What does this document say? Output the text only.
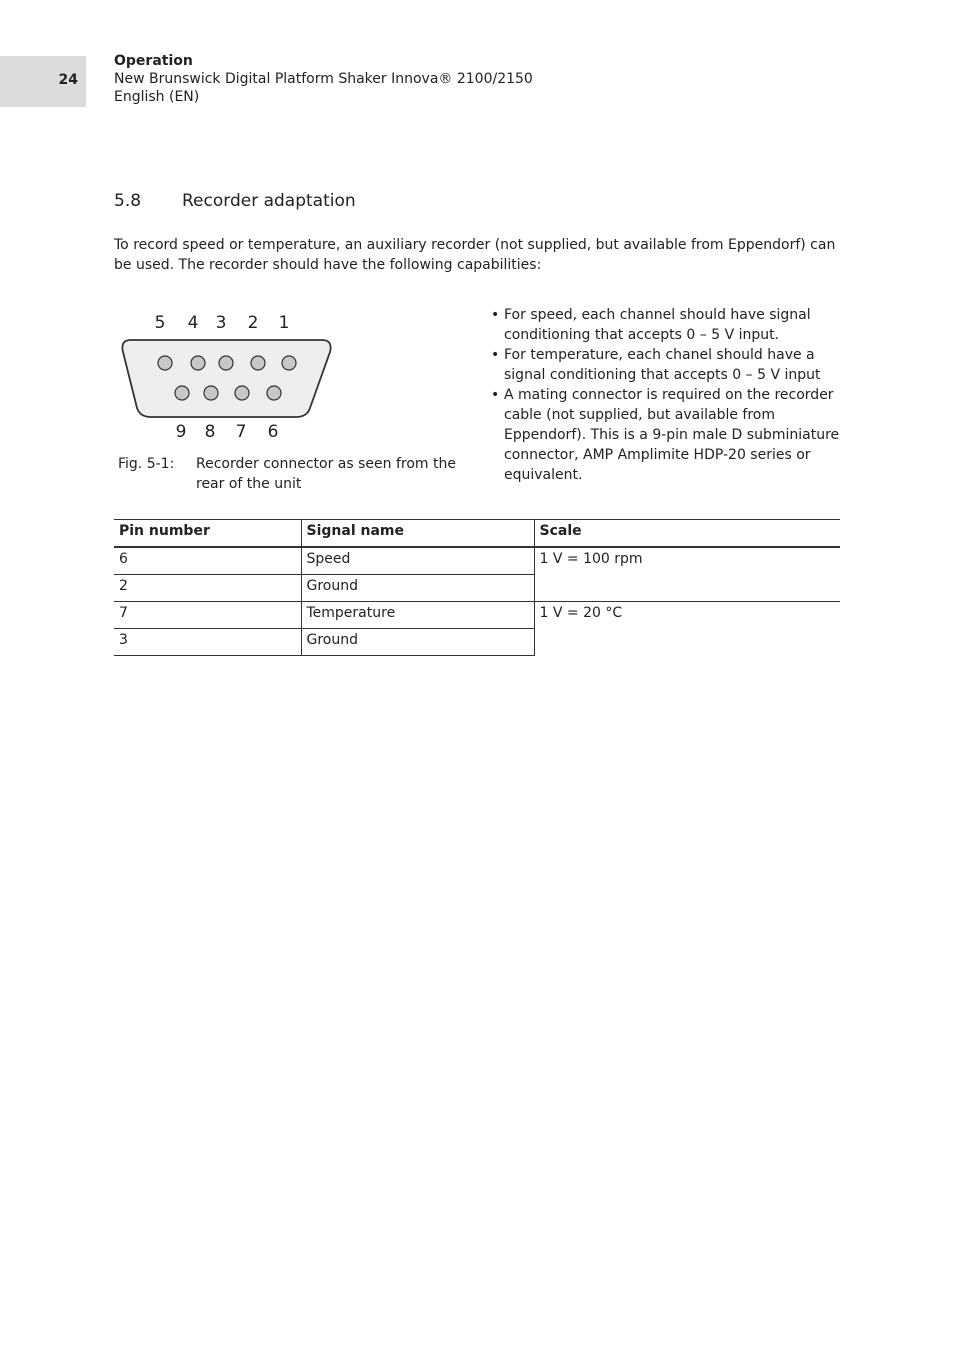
24
Operation
New Brunswick Digital Platform Shaker Innova® 2100/2150
English (EN)
5.8 Recorder adaptation
To record speed or temperature, an auxiliary recorder (not supplied, but available from Eppendorf) can be used. The recorder should have the following capabilities:
5 4 3 2 1
9 8 7 6
Fig. 5-1: Recorder connector as seen from the rear of the unit
• For speed, each channel should have signal conditioning that accepts 0 – 5 V input.
• For temperature, each chanel should have a signal conditioning that accepts 0 – 5 V input
• A mating connector is required on the recorder cable (not supplied, but available from Eppendorf). This is a 9-pin male D subminiature connector, AMP Amplimite HDP-20 series or equivalent.
Pin number	Signal name	Scale
6	Speed	1 V = 100 rpm
2	Ground	
7	Temperature	1 V = 20 °C
3	Ground	
